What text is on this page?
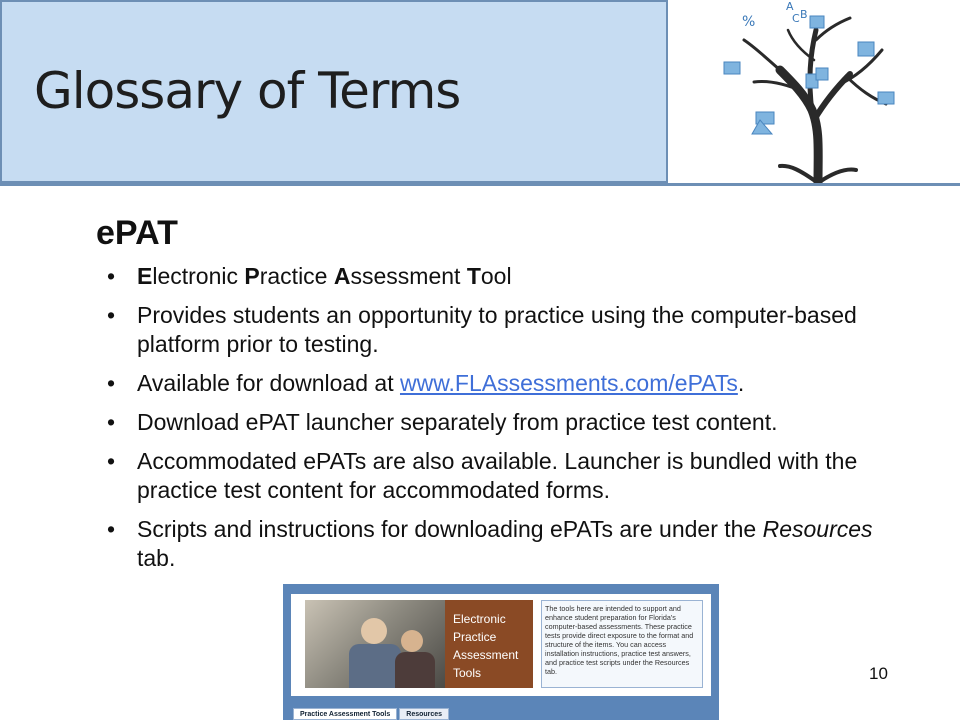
Glossary of Terms
%
A
C B
ePAT
• Electronic Practice Assessment Tool
• Provides students an opportunity to practice using the computer-based platform prior to testing.
• Available for download at www.FLAssessments.com/ePATs.
• Download ePAT launcher separately from practice test content.
• Accommodated ePATs are also available. Launcher is bundled with the practice test content for accommodated forms.
• Scripts and instructions for downloading ePATs are under the Resources tab.
Electronic
Practice
Assessment
Tools
The tools here are intended to support and enhance student preparation for Florida's computer-based assessments. These practice tests provide direct exposure to the format and structure of the items. You can access installation instructions, practice test answers, and practice test scripts under the Resources tab.
Practice Assessment Tools	Resources
10
